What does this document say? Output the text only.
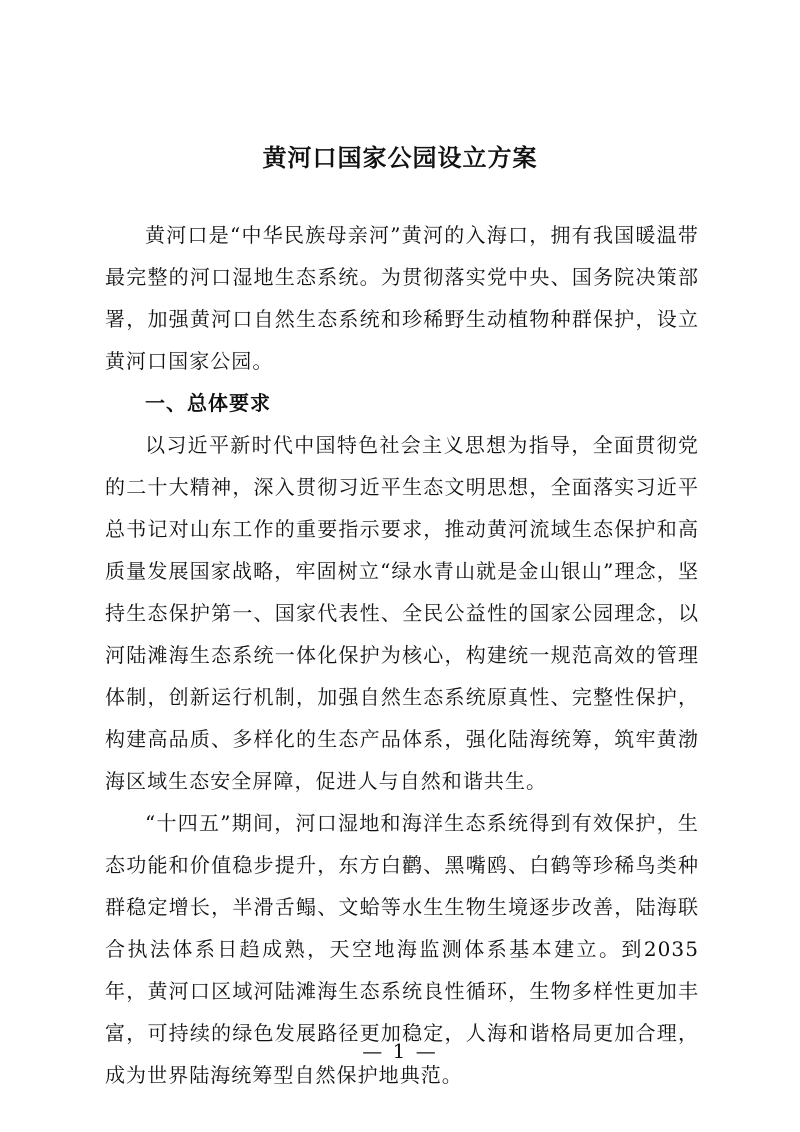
黄河口国家公园设立方案

黄河口是“中华民族母亲河”黄河的入海口，拥有我国暖温带最完整的河口湿地生态系统。为贯彻落实党中央、国务院决策部署，加强黄河口自然生态系统和珍稀野生动植物种群保护，设立黄河口国家公园。

一、总体要求

以习近平新时代中国特色社会主义思想为指导，全面贯彻党的二十大精神，深入贯彻习近平生态文明思想，全面落实习近平总书记对山东工作的重要指示要求，推动黄河流域生态保护和高质量发展国家战略，牢固树立“绿水青山就是金山银山”理念，坚持生态保护第一、国家代表性、全民公益性的国家公园理念，以河陆滩海生态系统一体化保护为核心，构建统一规范高效的管理体制，创新运行机制，加强自然生态系统原真性、完整性保护，构建高品质、多样化的生态产品体系，强化陆海统筹，筑牢黄渤海区域生态安全屏障，促进人与自然和谐共生。

“十四五”期间，河口湿地和海洋生态系统得到有效保护，生态功能和价值稳步提升，东方白鹳、黑嘴鸥、白鹤等珍稀鸟类种群稳定增长，半滑舌鳎、文蛤等水生生物生境逐步改善，陆海联合执法体系日趋成熟，天空地海监测体系基本建立。到2035年，黄河口区域河陆滩海生态系统良性循环，生物多样性更加丰富，可持续的绿色发展路径更加稳定，人海和谐格局更加合理，成为世界陆海统筹型自然保护地典范。

— 1 —
